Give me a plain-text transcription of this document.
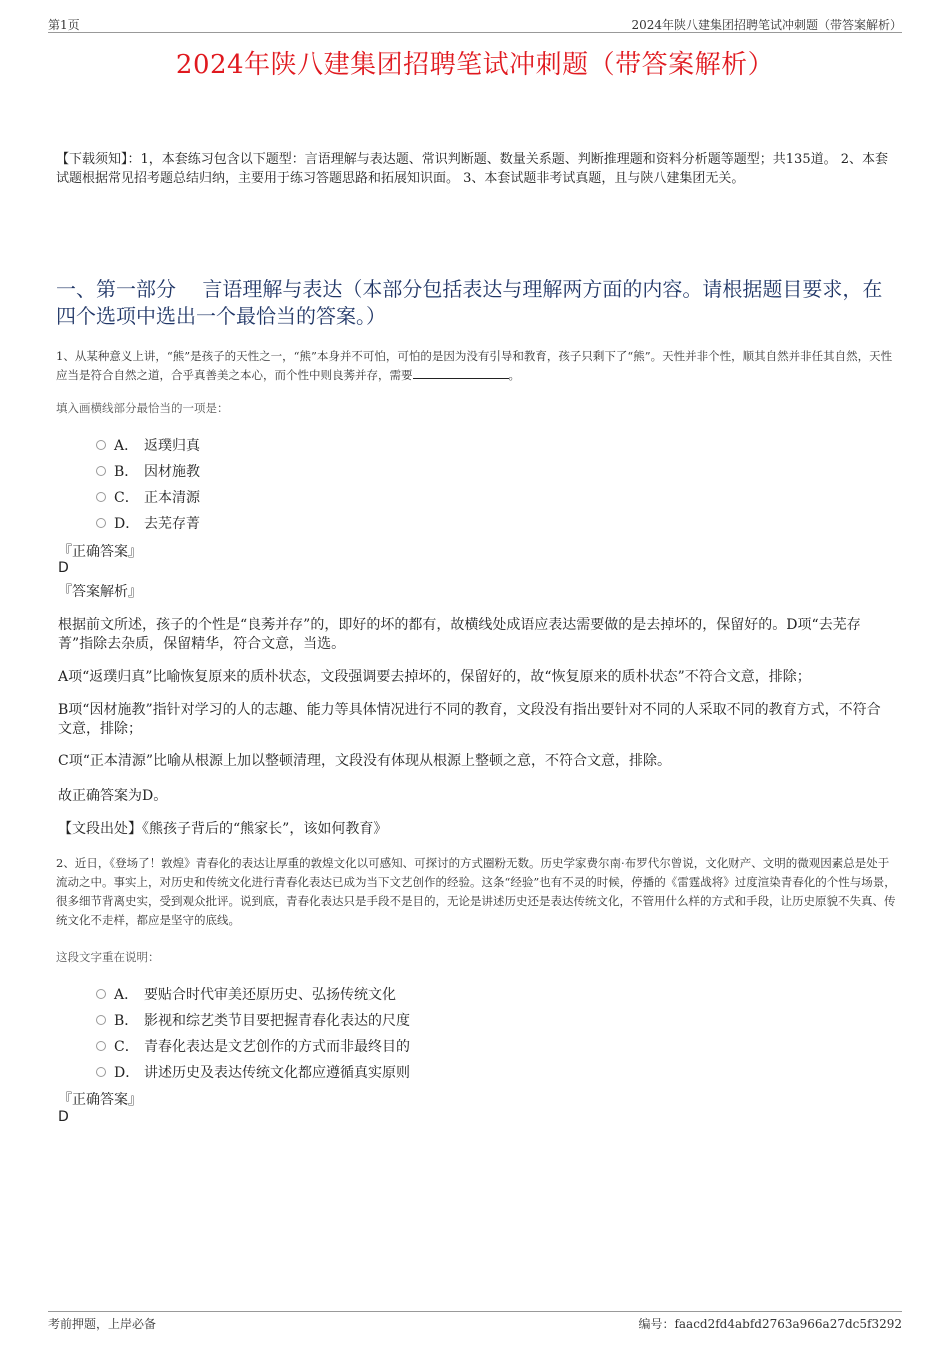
第1页	2024年陕八建集团招聘笔试冲刺题（带答案解析）
2024年陕八建集团招聘笔试冲刺题（带答案解析）
【下载须知】：1，本套练习包含以下题型：言语理解与表达题、常识判断题、数量关系题、判断推理题和资料分析题等题型；共135道。 2、本套试题根据常见招考题总结归纳，主要用于练习答题思路和拓展知识面。 3、本套试题非考试真题，且与陕八建集团无关。
一、第一部分　 言语理解与表达（本部分包括表达与理解两方面的内容。请根据题目要求，在四个选项中选出一个最恰当的答案。）
1、从某种意义上讲，“熊”是孩子的天性之一，“熊”本身并不可怕，可怕的是因为没有引导和教育，孩子只剩下了“熊”。天性并非个性，顺其自然并非任其自然，天性应当是符合自然之道，合乎真善美之本心，而个性中则良莠并存，需要	。
填入画横线部分最恰当的一项是：
A． 返璞归真
B． 因材施教
C． 正本清源
D． 去芜存菁
『正确答案』
D
『答案解析』
根据前文所述，孩子的个性是“良莠并存”的，即好的坏的都有，故横线处成语应表达需要做的是去掉坏的，保留好的。D项“去芜存菁”指除去杂质，保留精华，符合文意，当选。
A项“返璞归真”比喻恢复原来的质朴状态，文段强调要去掉坏的，保留好的，故“恢复原来的质朴状态”不符合文意，排除；
B项“因材施教”指针对学习的人的志趣、能力等具体情况进行不同的教育，文段没有指出要针对不同的人采取不同的教育方式，不符合文意，排除；
C项“正本清源”比喻从根源上加以整顿清理，文段没有体现从根源上整顿之意，不符合文意，排除。
故正确答案为D。
【文段出处】《熊孩子背后的“熊家长”，该如何教育》
2、近日，《登场了！敦煌》青春化的表达让厚重的敦煌文化以可感知、可探讨的方式圈粉无数。历史学家费尔南·布罗代尔曾说，文化财产、文明的微观因素总是处于流动之中。事实上，对历史和传统文化进行青春化表达已成为当下文艺创作的经验。这条“经验”也有不灵的时候，停播的《雷霆战将》过度渲染青春化的个性与场景，很多细节背离史实，受到观众批评。说到底，青春化表达只是手段不是目的，无论是讲述历史还是表达传统文化，不管用什么样的方式和手段，让历史原貌不失真、传统文化不走样，都应是坚守的底线。
这段文字重在说明：
A． 要贴合时代审美还原历史、弘扬传统文化
B． 影视和综艺类节目要把握青春化表达的尺度
C． 青春化表达是文艺创作的方式而非最终目的
D． 讲述历史及表达传统文化都应遵循真实原则
『正确答案』
D
考前押题，上岸必备	编号：faacd2fd4abfd2763a966a27dc5f3292
